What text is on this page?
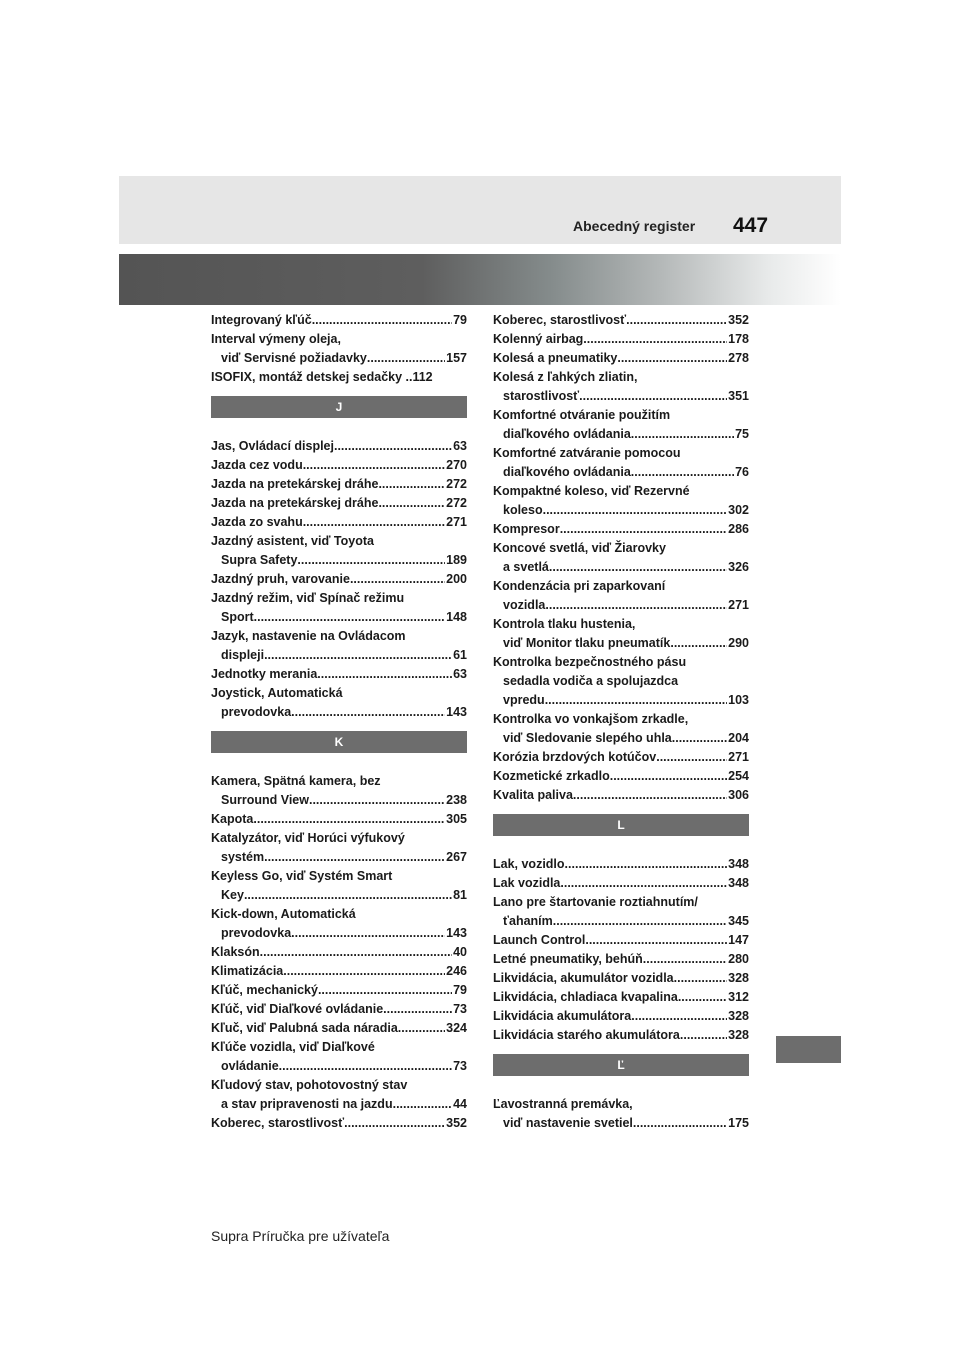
Abecedný register 447
Integrovaný kľúč .....	79
Interval výmeny oleja,
viď Servisné požiadavky .....	157
ISOFIX, montáž detskej sedačky ..112
J
Jas, Ovládací displej .....	63
Jazda cez vodu .....	270
Jazda na pretekárskej dráhe .....	272
Jazda na pretekárskej dráhe .....	272
Jazda zo svahu .....	271
Jazdný asistent, viď Toyota
Supra Safety .....	189
Jazdný pruh, varovanie .....	200
Jazdný režim, viď Spínač režimu
Sport .....	148
Jazyk, nastavenie na Ovládacom
displeji .....	61
Jednotky merania .....	63
Joystick, Automatická
prevodovka .....	143
K
Kamera, Spätná kamera, bez
Surround View .....	238
Kapota .....	305
Katalyzátor, viď Horúci výfukový
systém .....	267
Keyless Go, viď Systém Smart
Key .....	81
Kick-down, Automatická
prevodovka .....	143
Klaksón .....	40
Klimatizácia .....	246
Kľúč, mechanický .....	79
Kľúč, viď Diaľkové ovládanie .....	73
Kľuč, viď Palubná sada náradia .....	324
Kľúče vozidla, viď Diaľkové
ovládanie .....	73
Kľudový stav, pohotovostný stav
a stav pripravenosti na jazdu .....	44
Koberec, starostlivosť .....	352
Koberec, starostlivosť .....	352
Kolenný airbag .....	178
Kolesá a pneumatiky .....	278
Kolesá z ľahkých zliatin,
starostlivosť .....	351
Komfortné otváranie použitím
diaľkového ovládania .....	75
Komfortné zatváranie pomocou
diaľkového ovládania .....	76
Kompaktné koleso, viď Rezervné
koleso .....	302
Kompresor .....	286
Koncové svetlá, viď Žiarovky
a svetlá .....	326
Kondenzácia pri zaparkovaní
vozidla .....	271
Kontrola tlaku hustenia,
viď Monitor tlaku pneumatík .....	290
Kontrolka bezpečnostného pásu
sedadla vodiča a spolujazdca
vpredu .....	103
Kontrolka vo vonkajšom zrkadle,
viď Sledovanie slepého uhla .....	204
Korózia brzdových kotúčov .....	271
Kozmetické zrkadlo .....	254
Kvalita paliva .....	306
L
Lak, vozidlo .....	348
Lak vozidla .....	348
Lano pre štartovanie roztiahnutím/
ťahaním .....	345
Launch Control .....	147
Letné pneumatiky, behúň .....	280
Likvidácia, akumulátor vozidla .....	328
Likvidácia, chladiaca kvapalina .....	312
Likvidácia akumulátora .....	328
Likvidácia starého akumulátora .....	328
Ľ
Ľavostranná premávka,
viď nastavenie svetiel .....	175
Supra Príručka pre užívateľa
